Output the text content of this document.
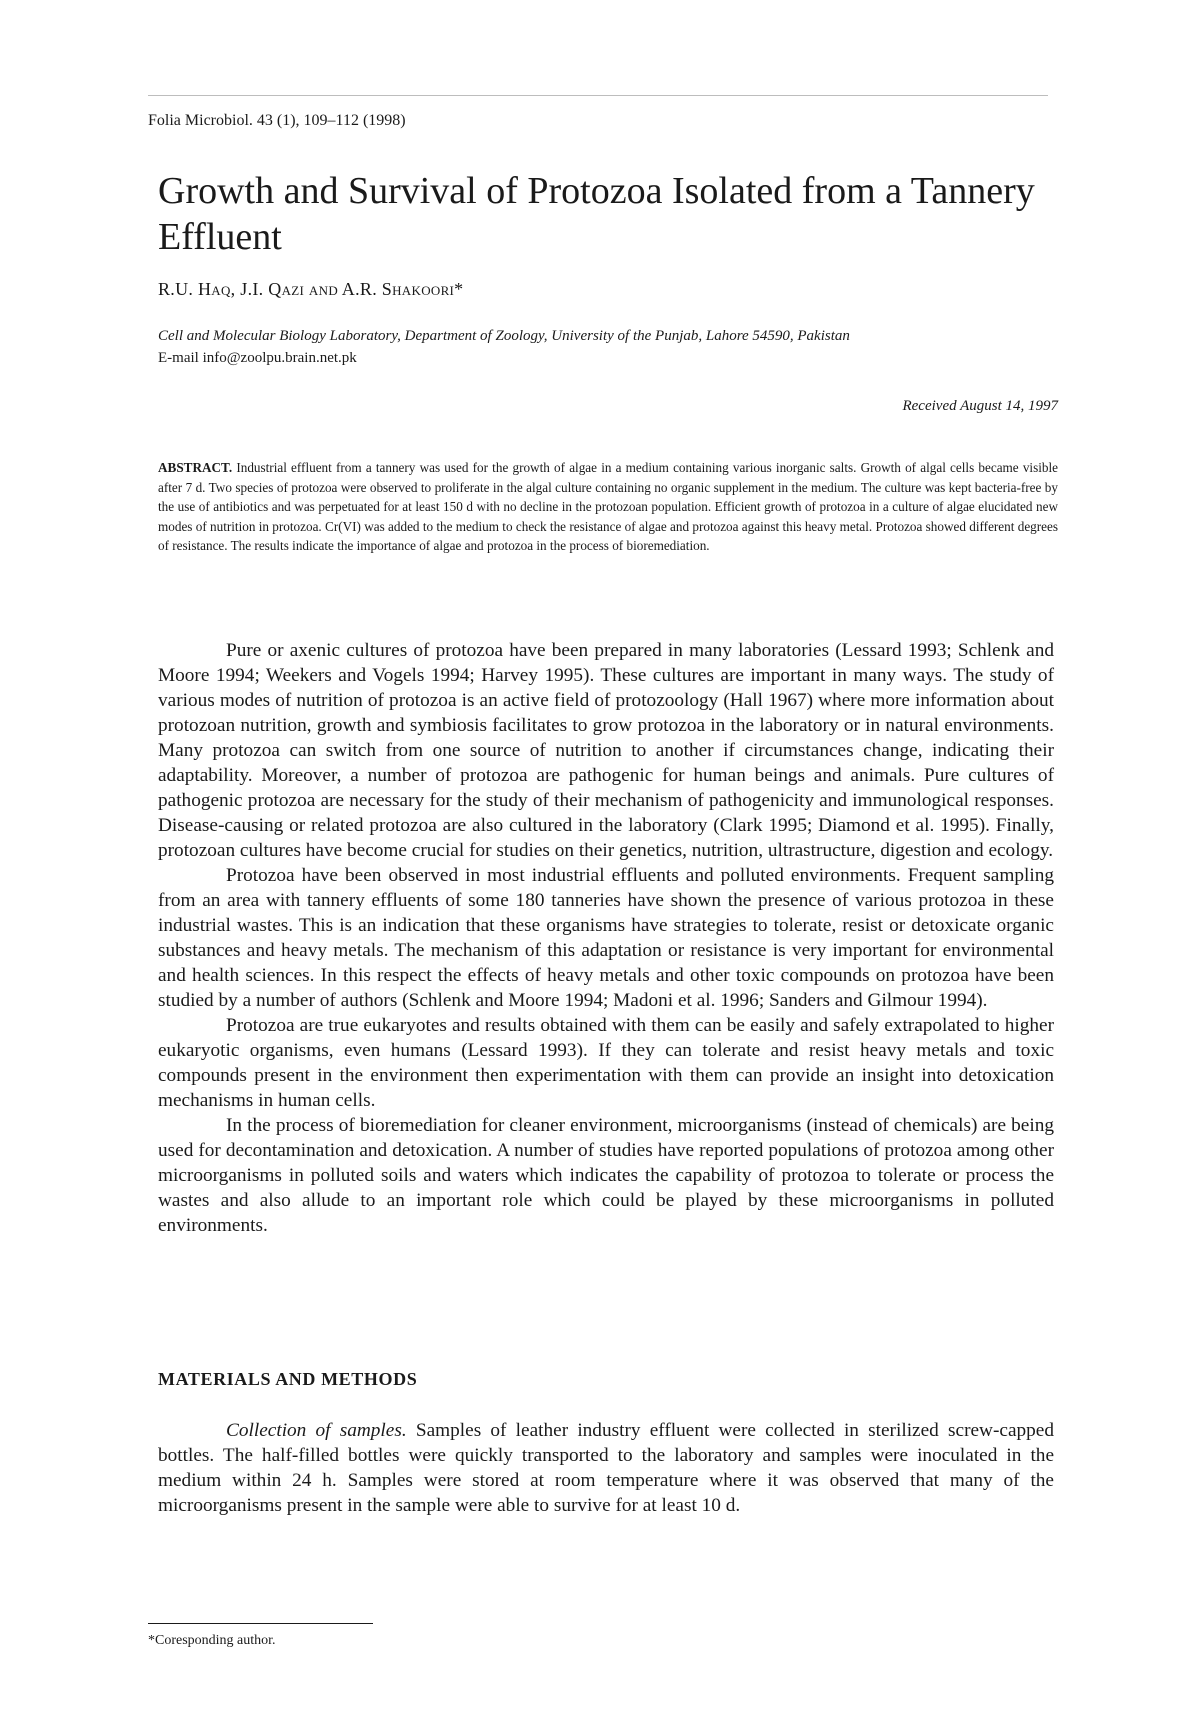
Folia Microbiol. 43 (1), 109–112 (1998)
Growth and Survival of Protozoa Isolated from a Tannery Effluent
R.U. Haq, J.I. Qazi and A.R. Shakoori*
Cell and Molecular Biology Laboratory, Department of Zoology, University of the Punjab, Lahore 54590, Pakistan
E-mail info@zoolpu.brain.net.pk
Received August 14, 1997
ABSTRACT. Industrial effluent from a tannery was used for the growth of algae in a medium containing various inorganic salts. Growth of algal cells became visible after 7 d. Two species of protozoa were observed to proliferate in the algal culture containing no organic supplement in the medium. The culture was kept bacteria-free by the use of antibiotics and was perpetuated for at least 150 d with no decline in the protozoan population. Efficient growth of protozoa in a culture of algae elucidated new modes of nutrition in protozoa. Cr(VI) was added to the medium to check the resistance of algae and protozoa against this heavy metal. Protozoa showed different degrees of resistance. The results indicate the importance of algae and protozoa in the process of bioremediation.

Pure or axenic cultures of protozoa have been prepared in many laboratories (Lessard 1993; Schlenk and Moore 1994; Weekers and Vogels 1994; Harvey 1995). These cultures are important in many ways. The study of various modes of nutrition of protozoa is an active field of protozoology (Hall 1967) where more information about protozoan nutrition, growth and symbiosis facilitates to grow protozoa in the laboratory or in natural environments. Many protozoa can switch from one source of nutrition to another if circumstances change, indicating their adaptability. Moreover, a number of protozoa are pathogenic for human beings and animals. Pure cultures of pathogenic protozoa are necessary for the study of their mechanism of pathogenicity and immunological responses. Disease-causing or related protozoa are also cultured in the laboratory (Clark 1995; Diamond et al. 1995). Finally, protozoan cultures have become crucial for studies on their genetics, nutrition, ultrastructure, digestion and ecology.

Protozoa have been observed in most industrial effluents and polluted environments. Frequent sampling from an area with tannery effluents of some 180 tanneries have shown the presence of various protozoa in these industrial wastes. This is an indication that these organisms have strategies to tolerate, resist or detoxicate organic substances and heavy metals. The mechanism of this adaptation or resistance is very important for environmental and health sciences. In this respect the effects of heavy metals and other toxic compounds on protozoa have been studied by a number of authors (Schlenk and Moore 1994; Madoni et al. 1996; Sanders and Gilmour 1994).

Protozoa are true eukaryotes and results obtained with them can be easily and safely extrapolated to higher eukaryotic organisms, even humans (Lessard 1993). If they can tolerate and resist heavy metals and toxic compounds present in the environment then experimentation with them can provide an insight into detoxication mechanisms in human cells.

In the process of bioremediation for cleaner environment, microorganisms (instead of chemicals) are being used for decontamination and detoxication. A number of studies have reported populations of protozoa among other microorganisms in polluted soils and waters which indicates the capability of protozoa to tolerate or process the wastes and also allude to an important role which could be played by these microorganisms in polluted environments.

MATERIALS AND METHODS

Collection of samples. Samples of leather industry effluent were collected in sterilized screw-capped bottles. The half-filled bottles were quickly transported to the laboratory and samples were inoculated in the medium within 24 h. Samples were stored at room temperature where it was observed that many of the microorganisms present in the sample were able to survive for at least 10 d.

*Coresponding author.
